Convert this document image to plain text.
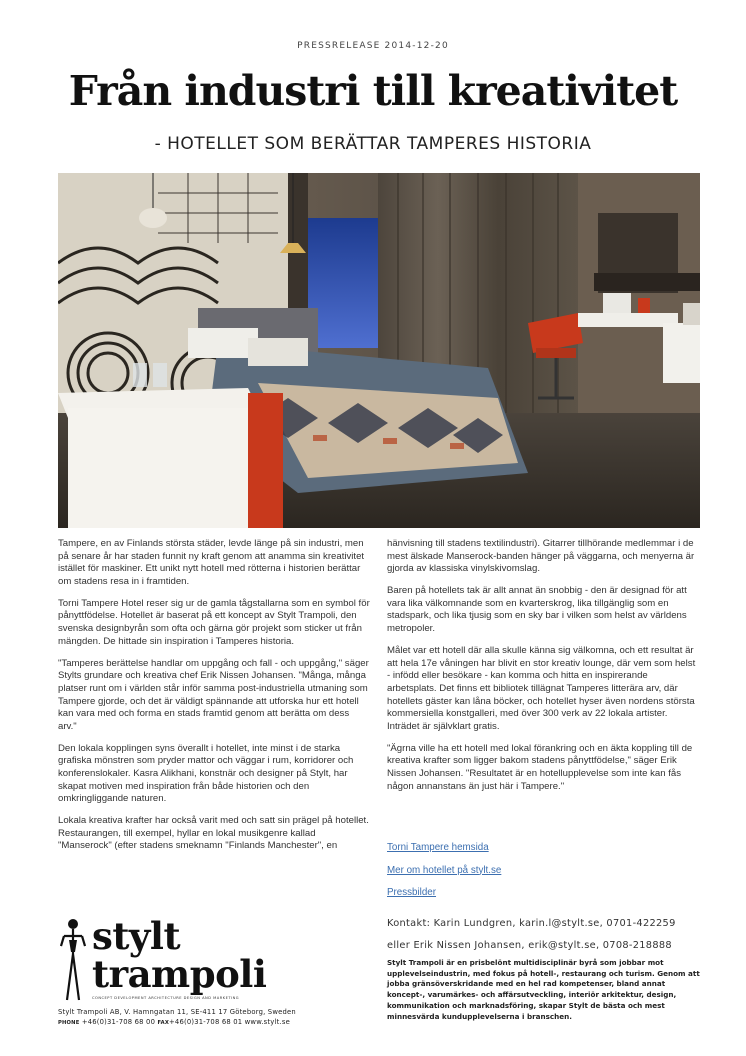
PRESSRELEASE 2014-12-20
Från industri till kreativitet
- HOTELLET SOM BERÄTTAR TAMPERES HISTORIA

Tampere, en av Finlands största städer, levde länge på sin industri, men på senare år har staden funnit ny kraft genom att anamma sin kreativitet istället för maskiner. Ett unikt nytt hotell med rötterna i historien berättar om stadens resa in i framtiden.

Torni Tampere Hotel reser sig ur de gamla tågstallarna som en symbol för pånyttfödelse. Hotellet är baserat på ett koncept av Stylt Trampoli, den svenska designbyrån som ofta och gärna gör projekt som sticker ut från mängden. De hittade sin inspiration i Tamperes historia.

"Tamperes berättelse handlar om uppgång och fall - och uppgång," säger Stylts grundare och kreativa chef Erik Nissen Johansen. "Många, många platser runt om i världen står inför samma post-industriella utmaning som Tampere gjorde, och det är väldigt spännande att utforska hur ett hotell kan vara med och forma en stads framtid genom att berätta om dess arv."

Den lokala kopplingen syns överallt i hotellet, inte minst i de starka grafiska mönstren som pryder mattor och väggar i rum, korridorer och konferenslokaler. Kasra Alikhani, konstnär och designer på Stylt, har skapat motiven med inspiration från både historien och den omkringliggande naturen.

Lokala kreativa krafter har också varit med och satt sin prägel på hotellet. Restaurangen, till exempel, hyllar en lokal musikgenre kallad "Manserock" (efter stadens smeknamn "Finlands Manchester", en

hänvisning till stadens textilindustri). Gitarrer tillhörande medlemmar i de mest älskade Manserock-banden hänger på väggarna, och menyerna är gjorda av klassiska vinylskivomslag.

Baren på hotellets tak är allt annat än snobbig - den är designad för att vara lika välkomnande som en kvarterskrog, lika tillgänglig som en stadspark, och lika tjusig som en sky bar i vilken som helst av världens metropoler.

Målet var ett hotell där alla skulle känna sig välkomna, och ett resultat är att hela 17e våningen har blivit en stor kreativ lounge, där vem som helst - infödd eller besökare - kan komma och hitta en inspirerande arbetsplats. Det finns ett bibliotek tillägnat Tamperes litterära arv, där hotellets gäster kan låna böcker, och hotellet hyser även nordens största kommersiella konstgalleri, med över 300 verk av 22 lokala artister. Inträdet är självklart gratis.

"Ägrna ville ha ett hotell med lokal förankring och en äkta koppling till de kreativa krafter som ligger bakom stadens pånyttfödelse," säger Erik Nissen Johansen. "Resultatet är en hotellupplevelse som inte kan fås någon annanstans än just här i Tampere."

Torni Tampere hemsida
Mer om hotellet på stylt.se
Pressbilder
Kontakt: Karin Lundgren, karin.l@stylt.se, 0701-422259
eller Erik Nissen Johansen, erik@stylt.se, 0708-218888
Stylt Trampoli är en prisbelönt multidisciplinär byrå som jobbar mot upplevelseindustrin, med fokus på hotell-, restaurang och turism. Genom att jobba gränsöverskridande med en hel rad kompetenser, bland annat koncept-, varumärkes- och affärsutveckling, interiör arkitektur, design, kommunikation och marknadsföring, skapar Stylt de bästa och mest minnesvärda kundupplevelserna i branschen.
stylt
trampoli
CONCEPT DEVELOPMENT ARCHITECTURE DESIGN AND MARKETING
Stylt Trampoli AB, V. Hamngatan 11, SE-411 17 Göteborg, Sweden
PHONE +46(0)31-708 68 00 FAX+46(0)31-708 68 01 www.stylt.se
